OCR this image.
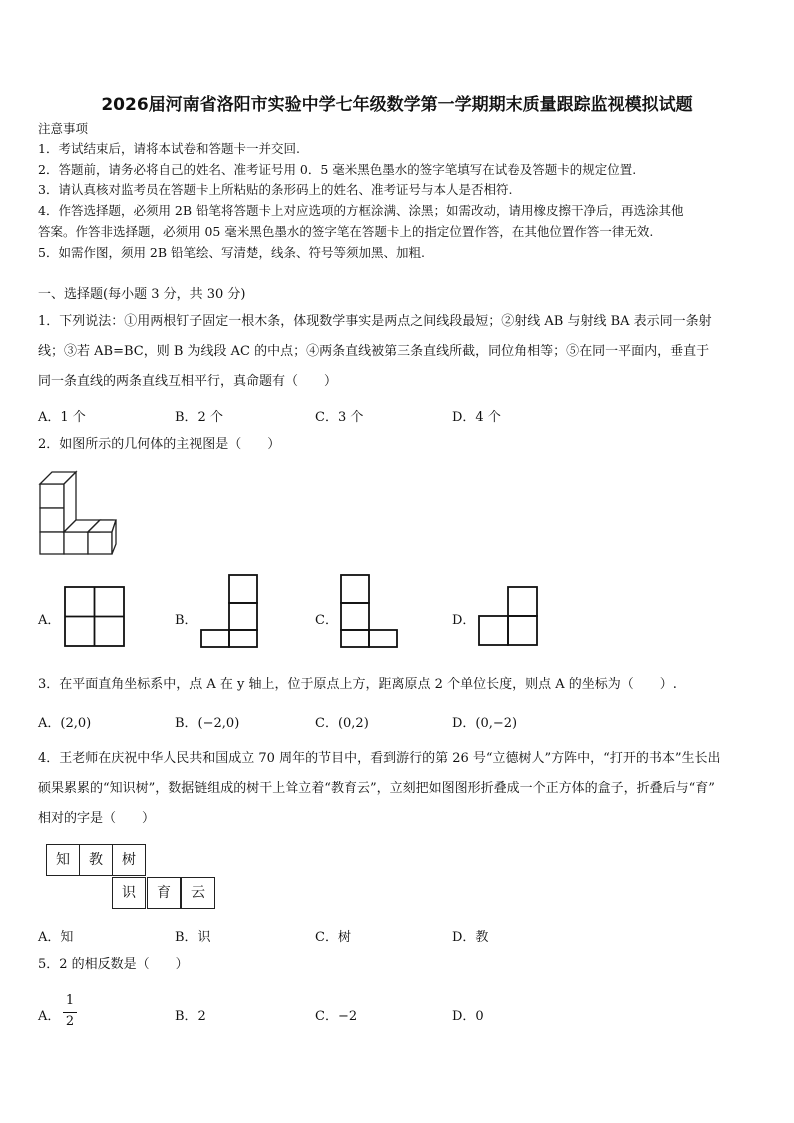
2026届河南省洛阳市实验中学七年级数学第一学期期末质量跟踪监视模拟试题
注意事项
1．考试结束后，请将本试卷和答题卡一并交回.
2．答题前，请务必将自己的姓名、准考证号用 0．5 毫米黑色墨水的签字笔填写在试卷及答题卡的规定位置.
3．请认真核对监考员在答题卡上所粘贴的条形码上的姓名、准考证号与本人是否相符.
4．作答选择题，必须用 2B 铅笔将答题卡上对应选项的方框涂满、涂黑；如需改动，请用橡皮擦干净后，再选涂其他
答案。作答非选择题，必须用 05 毫米黑色墨水的签字笔在答题卡上的指定位置作答，在其他位置作答一律无效.
5．如需作图，须用 2B 铅笔绘、写清楚，线条、符号等须加黑、加粗.
一、选择题(每小题 3 分，共 30 分)
1．下列说法：①用两根钉子固定一根木条，体现数学事实是两点之间线段最短；②射线 AB 与射线 BA 表示同一条射
线；③若 AB=BC，则 B 为线段 AC 的中点；④两条直线被第三条直线所截，同位角相等；⑤在同一平面内，垂直于
同一条直线的两条直线互相平行，真命题有（　　）
A．1 个	B．2 个	C．3 个	D．4 个
2．如图所示的几何体的主视图是（　　）
A．	B．	C．	D．
3．在平面直角坐标系中，点 A 在 y 轴上，位于原点上方，距离原点 2 个单位长度，则点 A 的坐标为（　　）.
A．(2,0)	B．(−2,0)	C．(0,2)	D．(0,−2)
4．王老师在庆祝中华人民共和国成立 70 周年的节目中，看到游行的第 26 号“立德树人”方阵中，“打开的书本”生长出
硕果累累的“知识树”，数据链组成的树干上耸立着“教育云”，立刻把如图图形折叠成一个正方体的盒子，折叠后与“育”
相对的字是（　　）
知	教	树
识	育	云
A．知	B．识	C．树	D．教
5．2 的相反数是（　　）
A．
1
2	B．2	C．−2	D．0
